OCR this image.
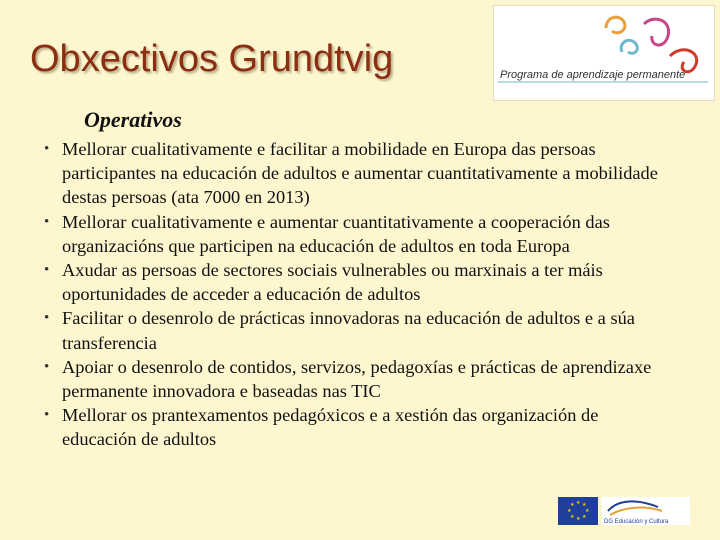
Obxectivos Grundtvig	Programa de aprendizaje permanente
Operativos
• Mellorar cualitativamente e facilitar a mobilidade en Europa das persoas participantes na educación de adultos e aumentar cuantitativamente a mobilidade destas persoas (ata 7000 en 2013)
• Mellorar cualitativamente e aumentar cuantitativamente a cooperación das organizacións que participen na educación de adultos en toda Europa
• Axudar as persoas de sectores sociais vulnerables ou marxinais a ter máis oportunidades de acceder a educación de adultos
• Facilitar o desenrolo de prácticas innovadoras na educación de adultos e a súa transferencia
• Apoiar o desenrolo de contidos, servizos, pedagoxías e prácticas de aprendizaxe permanente innovadora e baseadas nas TIC
• Mellorar os prantexamentos pedagóxicos e a xestión das organización de educación de adultos
★ ★
★
★
★
★
★
★
DG Educación y Cultura
